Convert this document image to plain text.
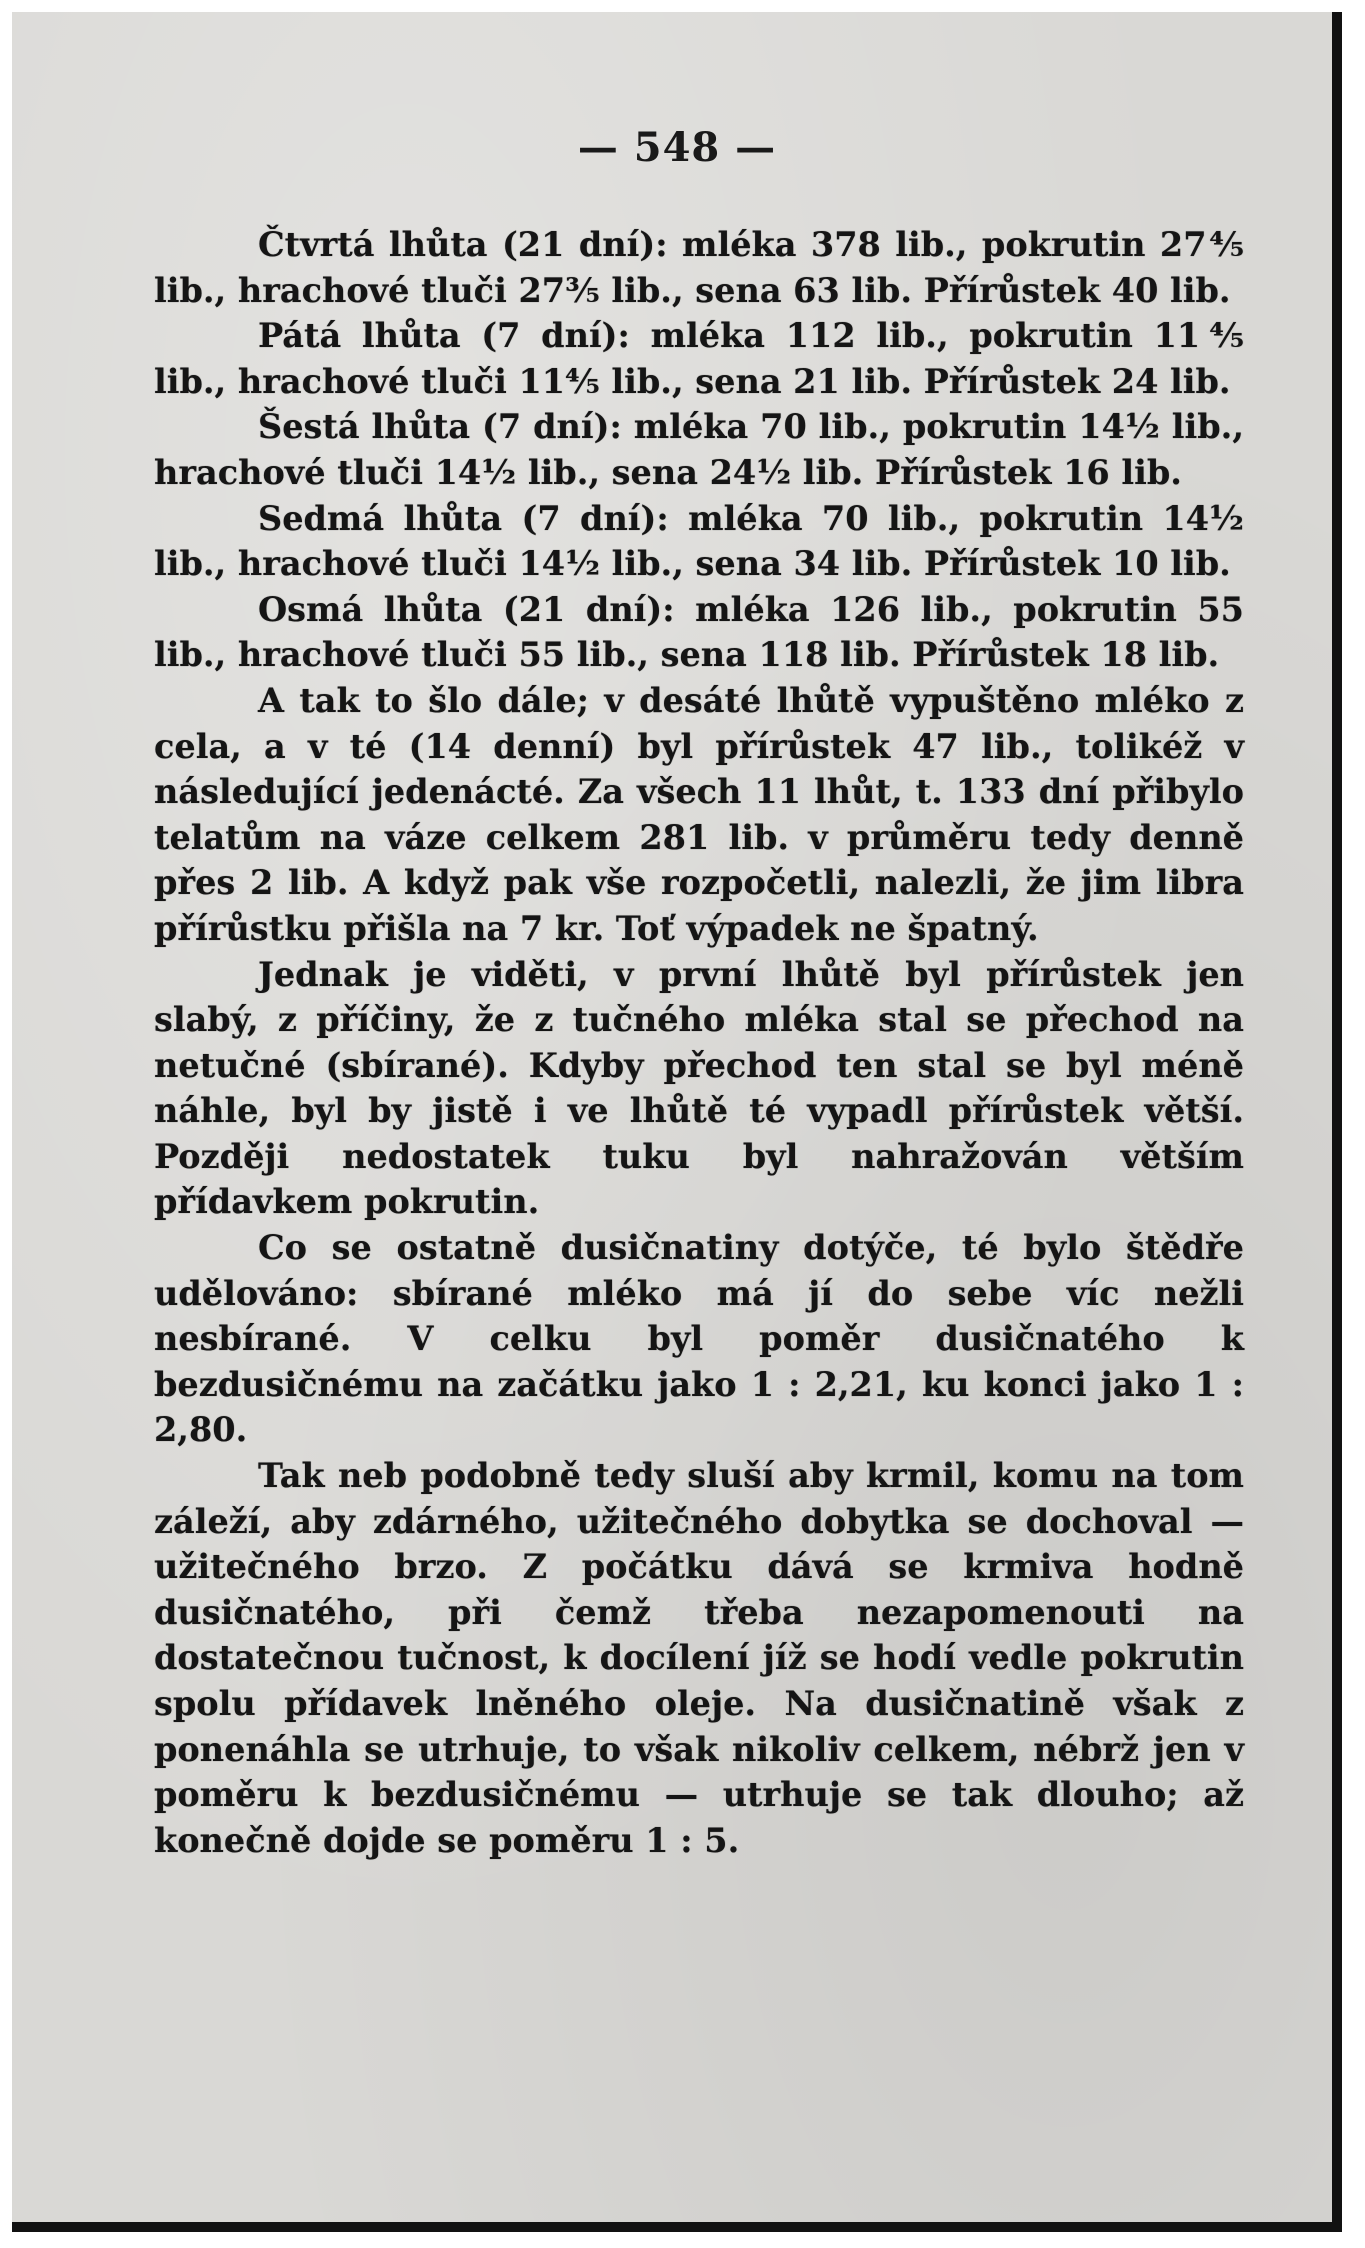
— 548 —

Čtvrtá lhůta (21 dní): mléka 378 lib., pokrutin 27⅘ lib., hrachové tluči 27⅗ lib., sena 63 lib. Přírůstek 40 lib.

Pátá lhůta (7 dní): mléka 112 lib., pokrutin 11⅘ lib., hrachové tluči 11⅘ lib., sena 21 lib. Přírůstek 24 lib.

Šestá lhůta (7 dní): mléka 70 lib., pokrutin 14½ lib., hrachové tluči 14½ lib., sena 24½ lib. Přírůstek 16 lib.

Sedmá lhůta (7 dní): mléka 70 lib., pokrutin 14½ lib., hrachové tluči 14½ lib., sena 34 lib. Přírůstek 10 lib.

Osmá lhůta (21 dní): mléka 126 lib., pokrutin 55 lib., hrachové tluči 55 lib., sena 118 lib. Přírůstek 18 lib.

A tak to šlo dále; v desáté lhůtě vypuštěno mléko z cela, a v té (14 denní) byl přírůstek 47 lib., tolikéž v následující jedenácté. Za všech 11 lhůt, t. 133 dní přibylo telatům na váze celkem 281 lib. v průměru tedy denně přes 2 lib. A když pak vše rozpočetli, nalezli, že jim libra přírůstku přišla na 7 kr. Toť výpadek ne špatný.

Jednak je viděti, v první lhůtě byl přírůstek jen slabý, z příčiny, že z tučného mléka stal se přechod na netučné (sbírané). Kdyby přechod ten stal se byl méně náhle, byl by jistě i ve lhůtě té vypadl přírůstek větší. Později nedostatek tuku byl nahražován větším přídavkem pokrutin.

Co se ostatně dusičnatiny dotýče, té bylo štědře udělováno: sbírané mléko má jí do sebe víc nežli nesbírané. V celku byl poměr dusičnatého k bezdusičnému na začátku jako 1 : 2,21, ku konci jako 1 : 2,80.

Tak neb podobně tedy sluší aby krmil, komu na tom záleží, aby zdárného, užitečného dobytka se dochoval — užitečného brzo. Z počátku dává se krmiva hodně dusičnatého, při čemž třeba nezapomenouti na dostatečnou tučnost, k docílení jíž se hodí vedle pokrutin spolu přídavek lněného oleje. Na dusičnatině však z ponenáhla se utrhuje, to však nikoliv celkem, nébrž jen v poměru k bezdusičnému — utrhuje se tak dlouho; až konečně dojde se poměru 1 : 5.
